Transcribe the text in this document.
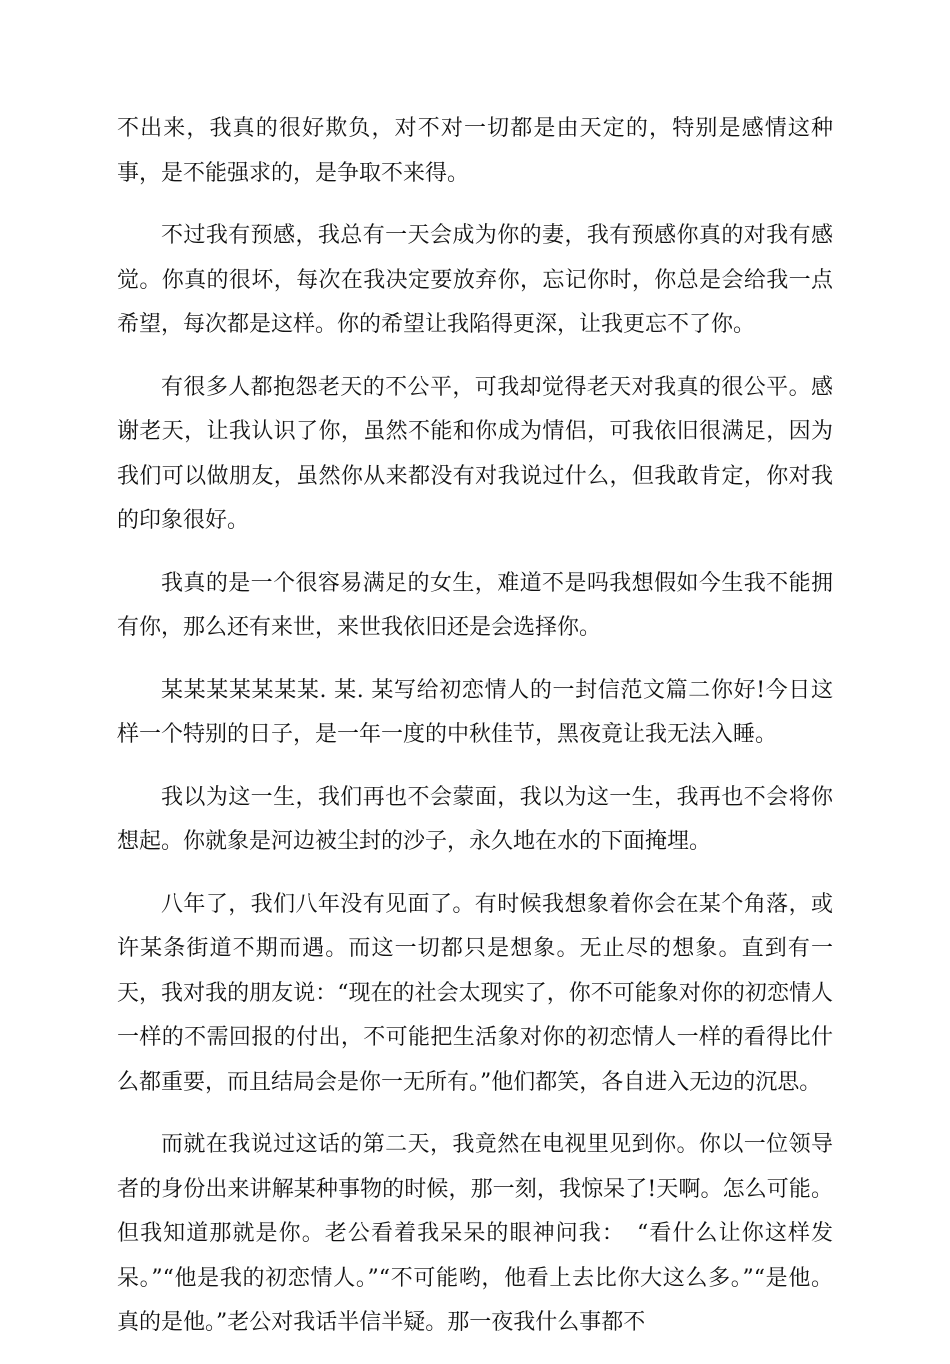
不出来，我真的很好欺负，对不对一切都是由天定的，特别是感情这种事，是不能强求的，是争取不来得。

不过我有预感，我总有一天会成为你的妻，我有预感你真的对我有感觉。你真的很坏，每次在我决定要放弃你，忘记你时，你总是会给我一点希望，每次都是这样。你的希望让我陷得更深，让我更忘不了你。

有很多人都抱怨老天的不公平，可我却觉得老天对我真的很公平。感谢老天，让我认识了你，虽然不能和你成为情侣，可我依旧很满足，因为我们可以做朋友，虽然你从来都没有对我说过什么，但我敢肯定，你对我的印象很好。

我真的是一个很容易满足的女生，难道不是吗我想假如今生我不能拥有你，那么还有来世，来世我依旧还是会选择你。

某某某某某某某. 某. 某写给初恋情人的一封信范文篇二你好!今日这样一个特别的日子，是一年一度的中秋佳节，黑夜竟让我无法入睡。

我以为这一生，我们再也不会蒙面，我以为这一生，我再也不会将你想起。你就象是河边被尘封的沙子，永久地在水的下面掩埋。

八年了，我们八年没有见面了。有时候我想象着你会在某个角落，或许某条街道不期而遇。而这一切都只是想象。无止尽的想象。直到有一天，我对我的朋友说：“现在的社会太现实了，你不可能象对你的初恋情人一样的不需回报的付出，不可能把生活象对你的初恋情人一样的看得比什么都重要，而且结局会是你一无所有。”他们都笑，各自进入无边的沉思。

而就在我说过这话的第二天，我竟然在电视里见到你。你以一位领导者的身份出来讲解某种事物的时候，那一刻，我惊呆了!天啊。怎么可能。但我知道那就是你。老公看着我呆呆的眼神问我：　“看什么让你这样发呆。”“他是我的初恋情人。”“不可能哟，他看上去比你大这么多。”“是他。真的是他。”老公对我话半信半疑。那一夜我什么事都不
